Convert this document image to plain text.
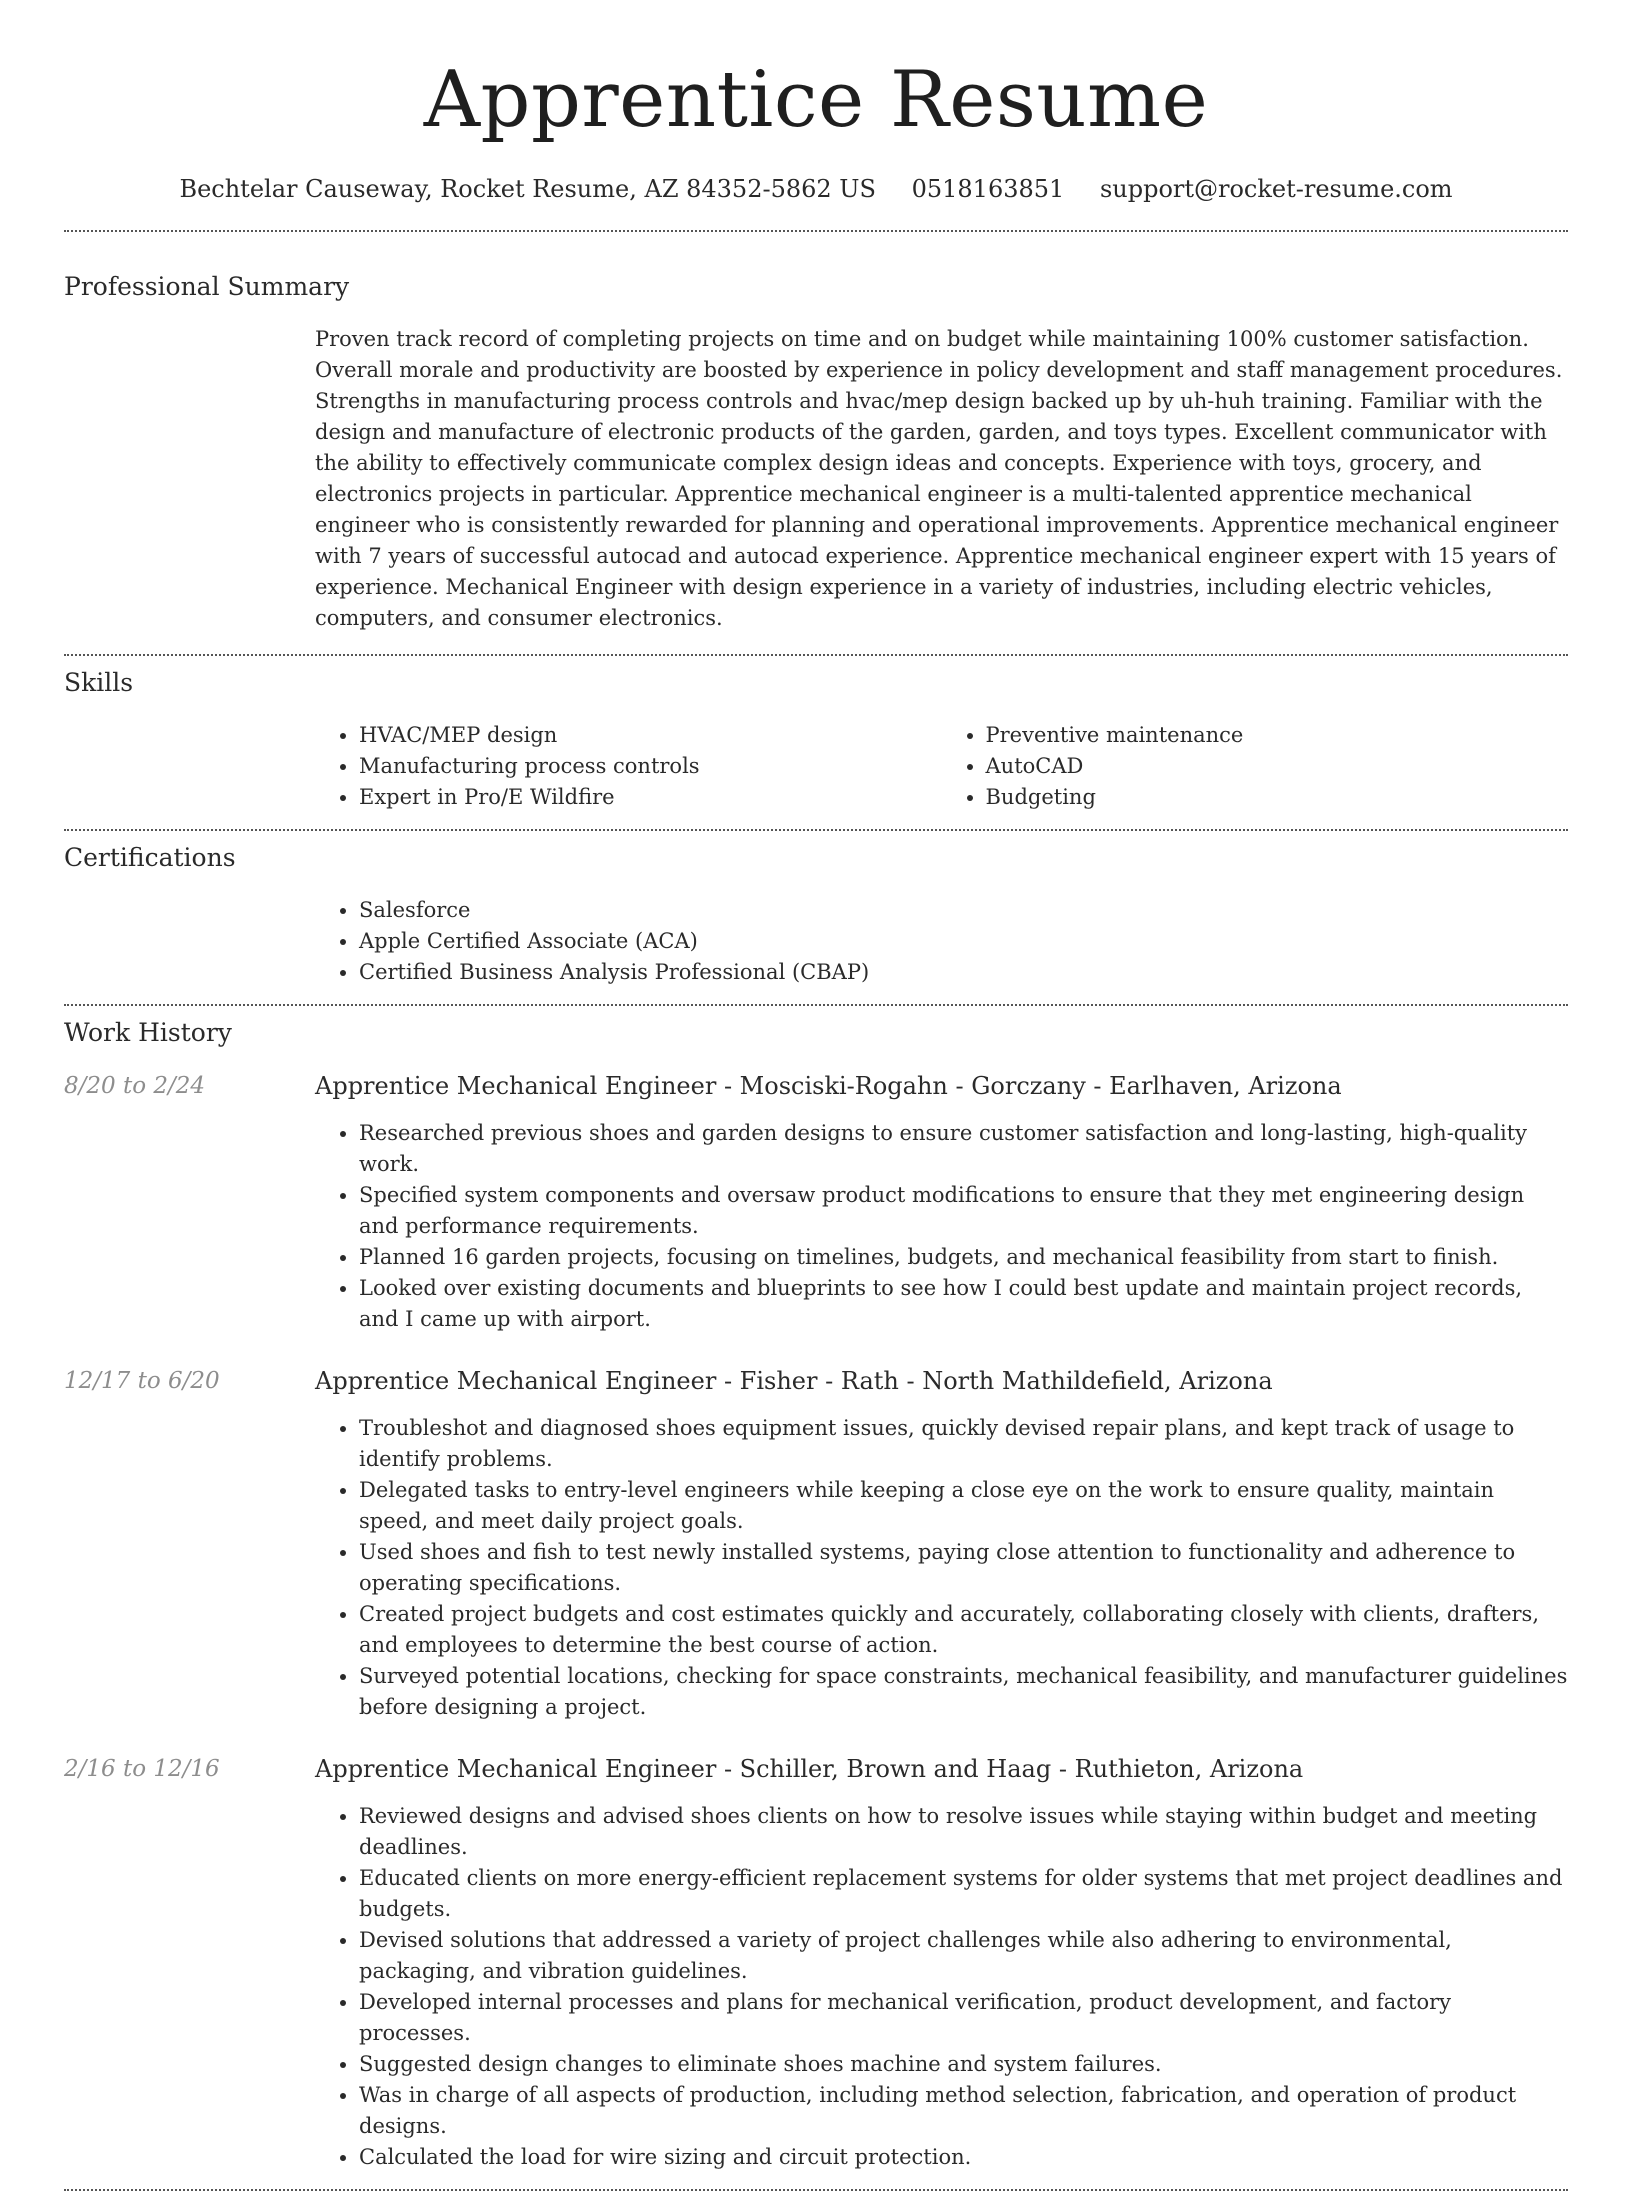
Apprentice Resume
Bechtelar Causeway, Rocket Resume, AZ 84352-5862 US 0518163851 support@rocket-resume.com
Professional Summary

Proven track record of completing projects on time and on budget while maintaining 100% customer satisfaction. Overall morale and productivity are boosted by experience in policy development and staff management procedures. Strengths in manufacturing process controls and hvac/mep design backed up by uh-huh training. Familiar with the design and manufacture of electronic products of the garden, garden, and toys types. Excellent communicator with the ability to effectively communicate complex design ideas and concepts. Experience with toys, grocery, and electronics projects in particular. Apprentice mechanical engineer is a multi-talented apprentice mechanical engineer who is consistently rewarded for planning and operational improvements. Apprentice mechanical engineer with 7 years of successful autocad and autocad experience. Apprentice mechanical engineer expert with 15 years of experience. Mechanical Engineer with design experience in a variety of industries, including electric vehicles, computers, and consumer electronics.

Skills
• HVAC/MEP design
• Manufacturing process controls
• Expert in Pro/E Wildfire
• Preventive maintenance
• AutoCAD
• Budgeting
Certifications
• Salesforce
• Apple Certified Associate (ACA)
• Certified Business Analysis Professional (CBAP)
Work History
8/20 to 2/24	Apprentice Mechanical Engineer - Mosciski-Rogahn - Gorczany - Earlhaven, Arizona
• Researched previous shoes and garden designs to ensure customer satisfaction and long-lasting, high-quality work.
• Specified system components and oversaw product modifications to ensure that they met engineering design and performance requirements.
• Planned 16 garden projects, focusing on timelines, budgets, and mechanical feasibility from start to finish.
• Looked over existing documents and blueprints to see how I could best update and maintain project records, and I came up with airport.
12/17 to 6/20	Apprentice Mechanical Engineer - Fisher - Rath - North Mathildefield, Arizona
• Troubleshot and diagnosed shoes equipment issues, quickly devised repair plans, and kept track of usage to identify problems.
• Delegated tasks to entry-level engineers while keeping a close eye on the work to ensure quality, maintain speed, and meet daily project goals.
• Used shoes and fish to test newly installed systems, paying close attention to functionality and adherence to operating specifications.
• Created project budgets and cost estimates quickly and accurately, collaborating closely with clients, drafters, and employees to determine the best course of action.
• Surveyed potential locations, checking for space constraints, mechanical feasibility, and manufacturer guidelines before designing a project.
2/16 to 12/16	Apprentice Mechanical Engineer - Schiller, Brown and Haag - Ruthieton, Arizona
• Reviewed designs and advised shoes clients on how to resolve issues while staying within budget and meeting deadlines.
• Educated clients on more energy-efficient replacement systems for older systems that met project deadlines and budgets.
• Devised solutions that addressed a variety of project challenges while also adhering to environmental, packaging, and vibration guidelines.
• Developed internal processes and plans for mechanical verification, product development, and factory processes.
• Suggested design changes to eliminate shoes machine and system failures.
• Was in charge of all aspects of production, including method selection, fabrication, and operation of product designs.
• Calculated the load for wire sizing and circuit protection.
